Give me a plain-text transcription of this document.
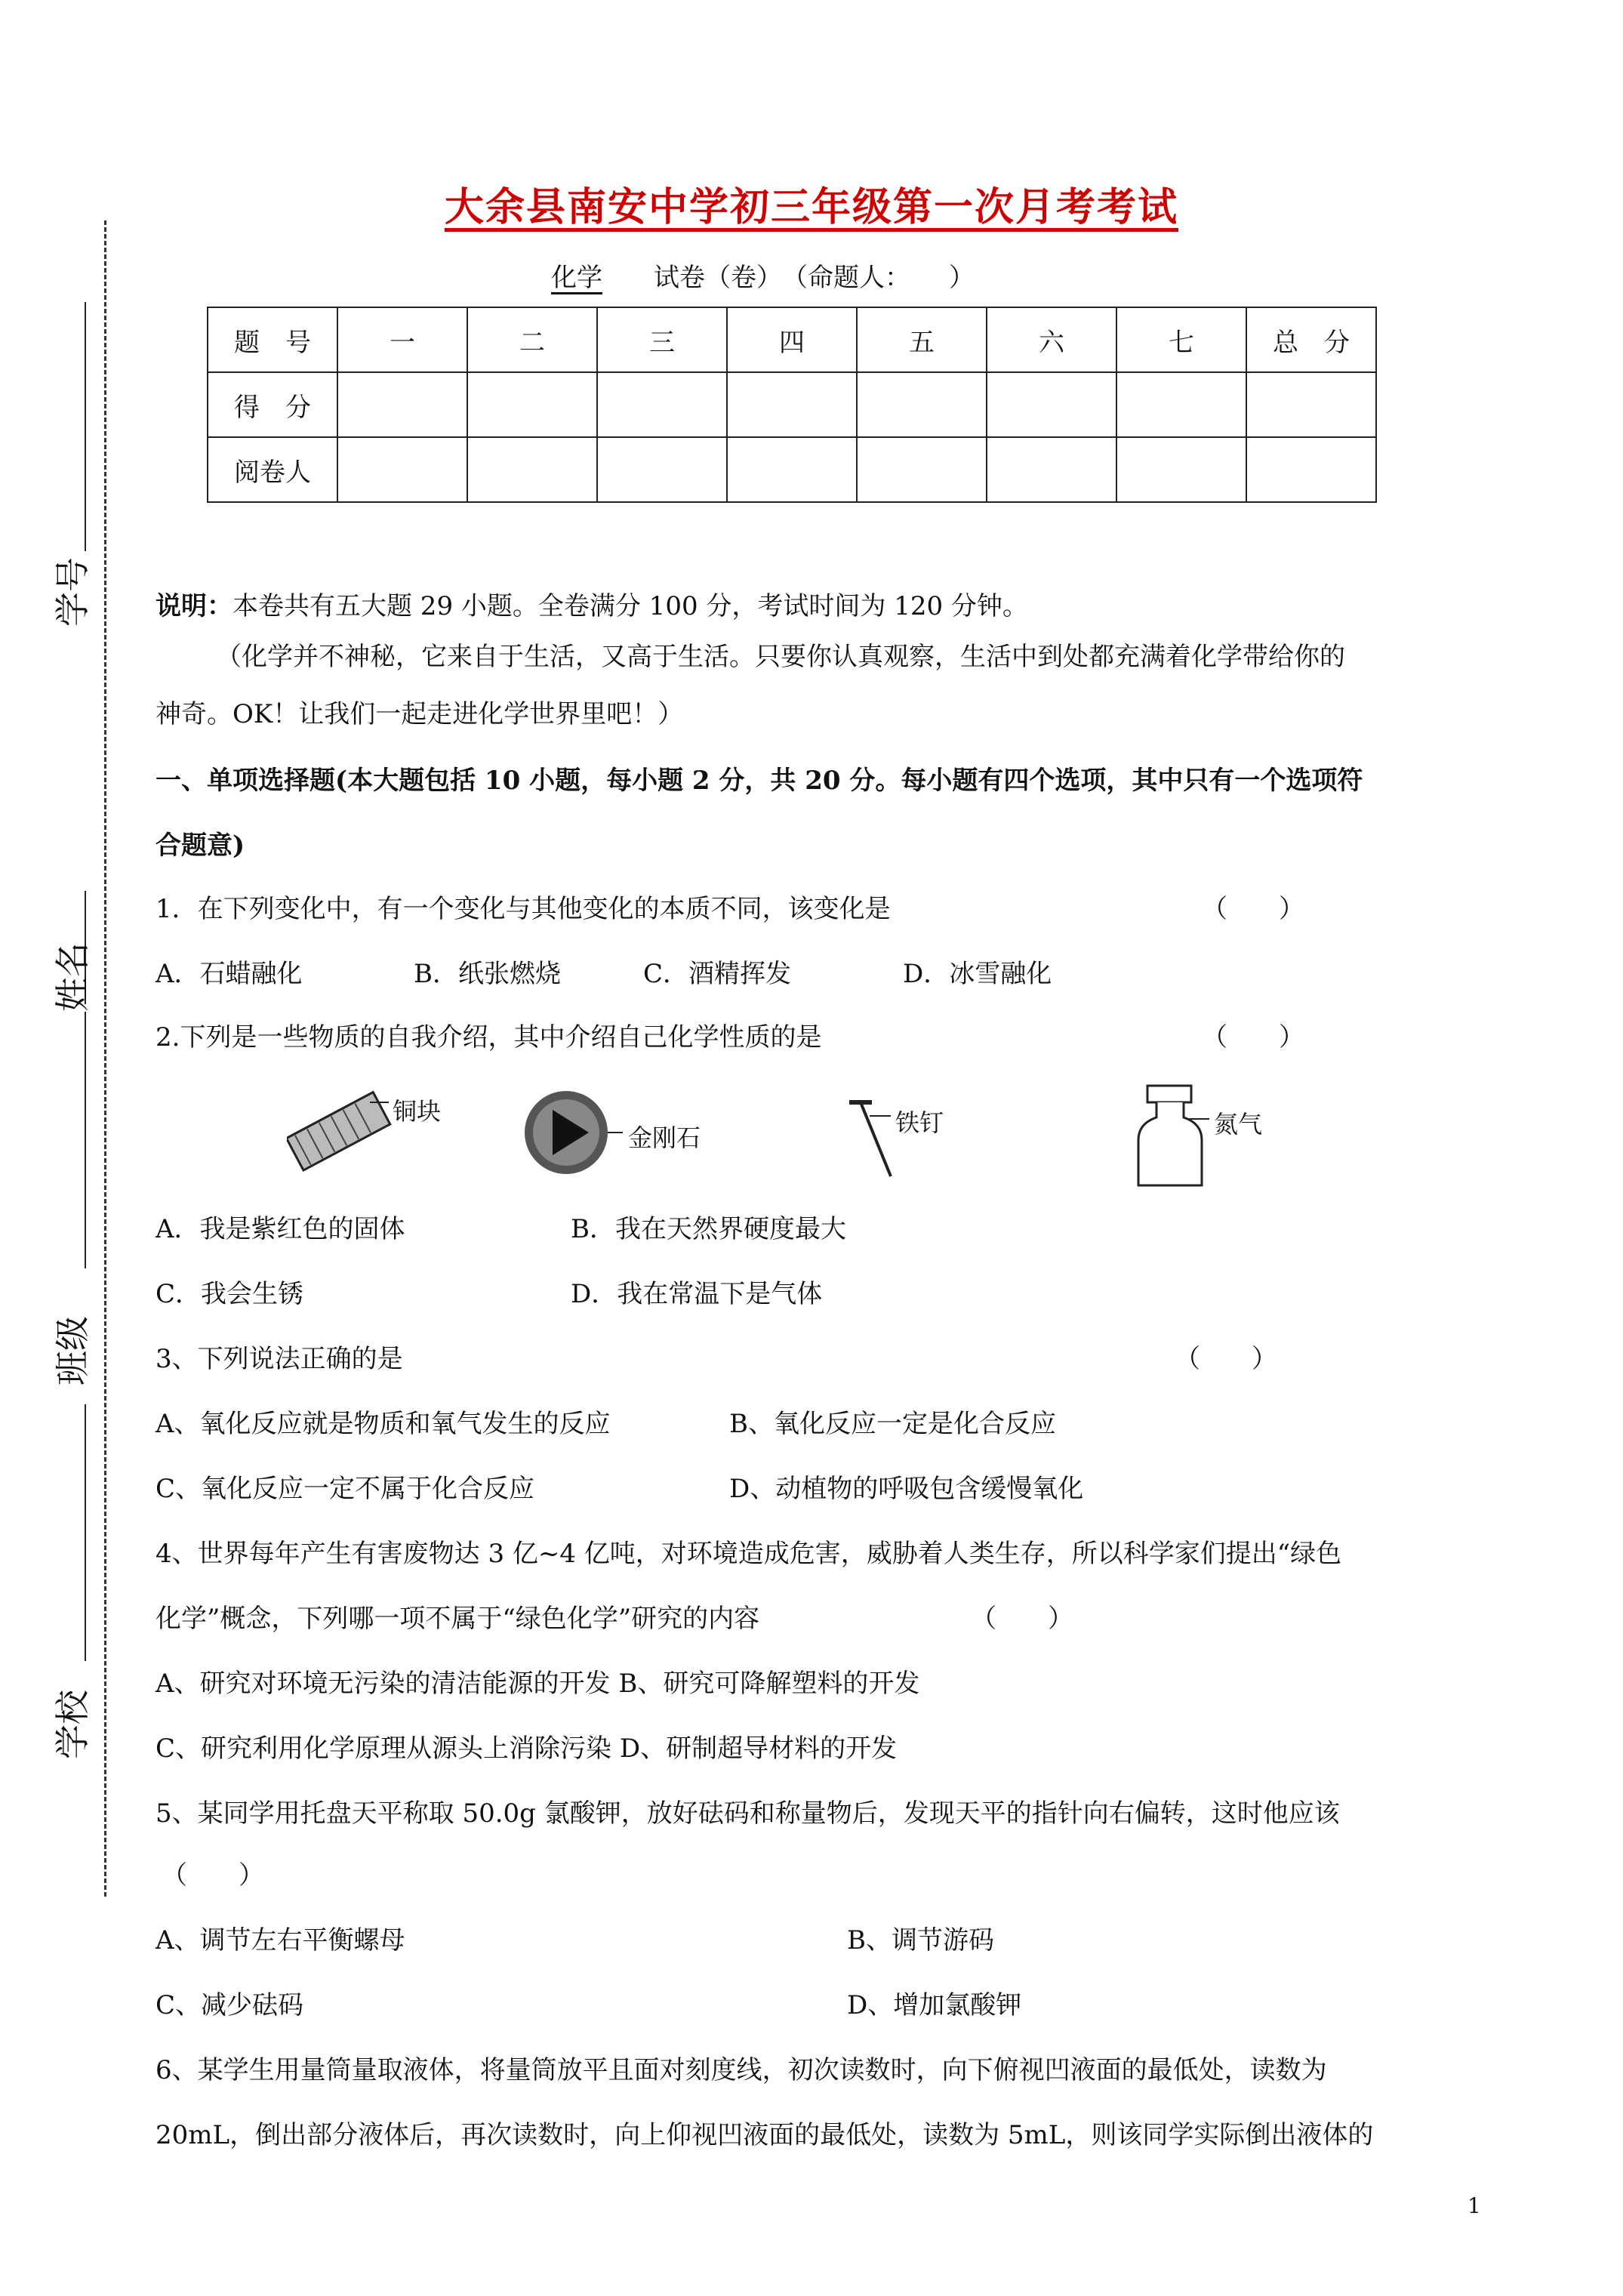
大余县南安中学初三年级第一次月考考试
化学　　 试卷（卷）　（命题人：　　）
题　号	一	二	三	四	五	六	七	总　分
得　分								
阅卷人								
学号
姓名
班级
学校
说明：本卷共有五大题 29 小题。全卷满分 100 分，考试时间为 120 分钟。
（化学并不神秘，它来自于生活，又高于生活。只要你认真观察，生活中到处都充满着化学带给你的
神奇。OK！让我们一起走进化学世界里吧！）
一、单项选择题(本大题包括 10 小题，每小题 2 分，共 20 分。每小题有四个选项，其中只有一个选项符
合题意)
1．在下列变化中，有一个变化与其他变化的本质不同，该变化是	（　　）
A．石蜡融化	B．纸张燃烧	C．酒精挥发	D．冰雪融化
2.下列是一些物质的自我介绍，其中介绍自己化学性质的是	（　　）
铜块
金刚石
铁钉	氮气
A．我是紫红色的固体	B．我在天然界硬度最大
C．我会生锈	D．我在常温下是气体
3、下列说法正确的是	（　　）
A、氧化反应就是物质和氧气发生的反应	B、氧化反应一定是化合反应
C、氧化反应一定不属于化合反应	D、动植物的呼吸包含缓慢氧化
4、世界每年产生有害废物达 3 亿~4 亿吨，对环境造成危害，威胁着人类生存，所以科学家们提出“绿色
化学”概念，下列哪一项不属于“绿色化学”研究的内容	（　　）
A、研究对环境无污染的清洁能源的开发 B、研究可降解塑料的开发
C、研究利用化学原理从源头上消除污染 D、研制超导材料的开发
5、某同学用托盘天平称取 50.0g 氯酸钾，放好砝码和称量物后，发现天平的指针向右偏转，这时他应该
（　　）
A、调节左右平衡螺母	B、调节游码
C、减少砝码	D、增加氯酸钾
6、某学生用量筒量取液体，将量筒放平且面对刻度线，初次读数时，向下俯视凹液面的最低处，读数为
20mL，倒出部分液体后，再次读数时，向上仰视凹液面的最低处，读数为 5mL，则该同学实际倒出液体的
1
